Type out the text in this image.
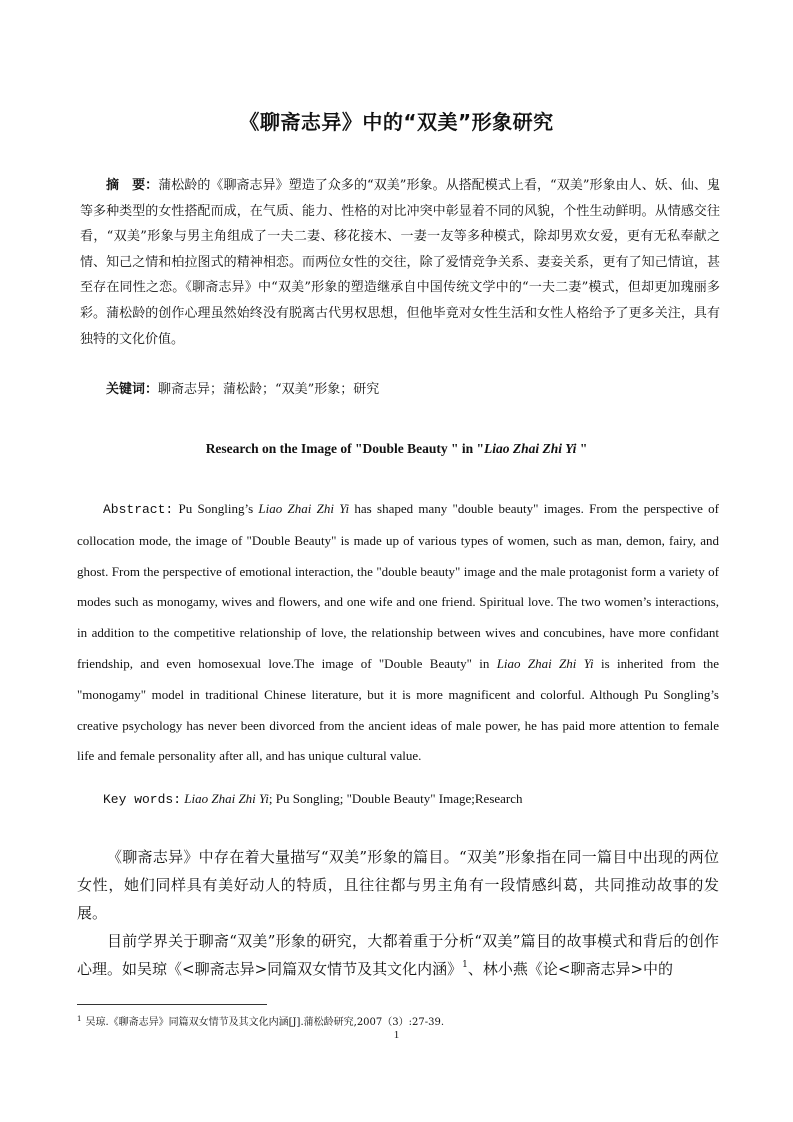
《聊斋志异》中的“双美”形象研究
摘　要：蒲松龄的《聊斋志异》塑造了众多的“双美”形象。从搭配模式上看，“双美”形象由人、妖、仙、鬼等多种类型的女性搭配而成，在气质、能力、性格的对比冲突中彰显着不同的风貌，个性生动鲜明。从情感交往看，“双美”形象与男主角组成了一夫二妻、移花接木、一妻一友等多种模式，除却男欢女爱，更有无私奉献之情、知己之情和柏拉图式的精神相恋。而两位女性的交往，除了爱情竞争关系、妻妾关系，更有了知己情谊，甚至存在同性之恋。《聊斋志异》中“双美”形象的塑造继承自中国传统文学中的“一夫二妻”模式，但却更加瑰丽多彩。蒲松龄的创作心理虽然始终没有脱离古代男权思想，但他毕竟对女性生活和女性人格给予了更多关注，具有独特的文化价值。
关键词：聊斋志异；蒲松龄；“双美”形象；研究
Research on the Image of "Double Beauty " in "Liao Zhai Zhi Yi "
Abstract: Pu Songling’s Liao Zhai Zhi Yi has shaped many "double beauty" images. From the perspective of collocation mode, the image of "Double Beauty" is made up of various types of women, such as man, demon, fairy, and ghost. From the perspective of emotional interaction, the "double beauty" image and the male protagonist form a variety of modes such as monogamy, wives and flowers, and one wife and one friend. Spiritual love. The two women’s interactions, in addition to the competitive relationship of love, the relationship between wives and concubines, have more confidant friendship, and even homosexual love.The image of "Double Beauty" in Liao Zhai Zhi Yi is inherited from the "monogamy" model in traditional Chinese literature, but it is more magnificent and colorful. Although Pu Songling’s creative psychology has never been divorced from the ancient ideas of male power, he has paid more attention to female life and female personality after all, and has unique cultural value.
Key words: Liao Zhai Zhi Yi; Pu Songling; "Double Beauty" Image;Research

《聊斋志异》中存在着大量描写“双美”形象的篇目。“双美”形象指在同一篇目中出现的两位女性，她们同样具有美好动人的特质，且往往都与男主角有一段情感纠葛，共同推动故事的发展。

目前学界关于聊斋“双美”形象的研究，大都着重于分析“双美”篇目的故事模式和背后的创作心理。如吴琼《<聊斋志异>同篇双女情节及其文化内涵》$^1$、林小燕《论<聊斋志异>中的

$^1$ 吴琼.《聊斋志异》同篇双女情节及其文化内涵[J].蒲松龄研究,2007（3）:27-39.
1
